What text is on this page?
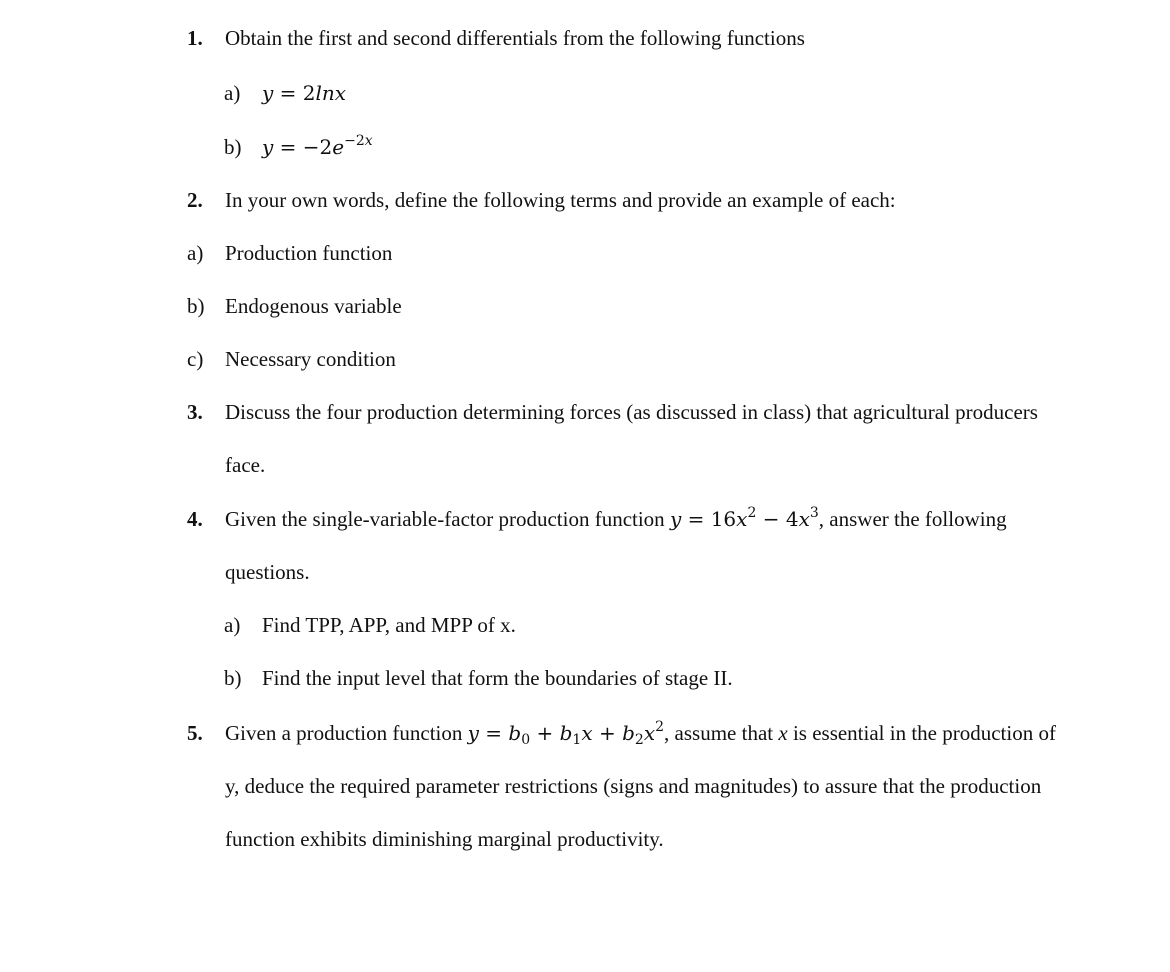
1. Obtain the first and second differentials from the following functions
a) y = 2lnx
b) $y = -2e^{-2x}$
2. In your own words, define the following terms and provide an example of each:
a) Production function
b) Endogenous variable
c) Necessary condition
3. Discuss the four production determining forces (as discussed in class) that agricultural producers
face.
4. Given the single-variable-factor production function $y = 16x^2 - 4x^3$, answer the following
questions.
a) Find TPP, APP, and MPP of x.
b) Find the input level that form the boundaries of stage II.
5. Given a production function $y = b_0 + b_1x + b_2x^2$, assume that x is essential in the production of
y, deduce the required parameter restrictions (signs and magnitudes) to assure that the production
function exhibits diminishing marginal productivity.
